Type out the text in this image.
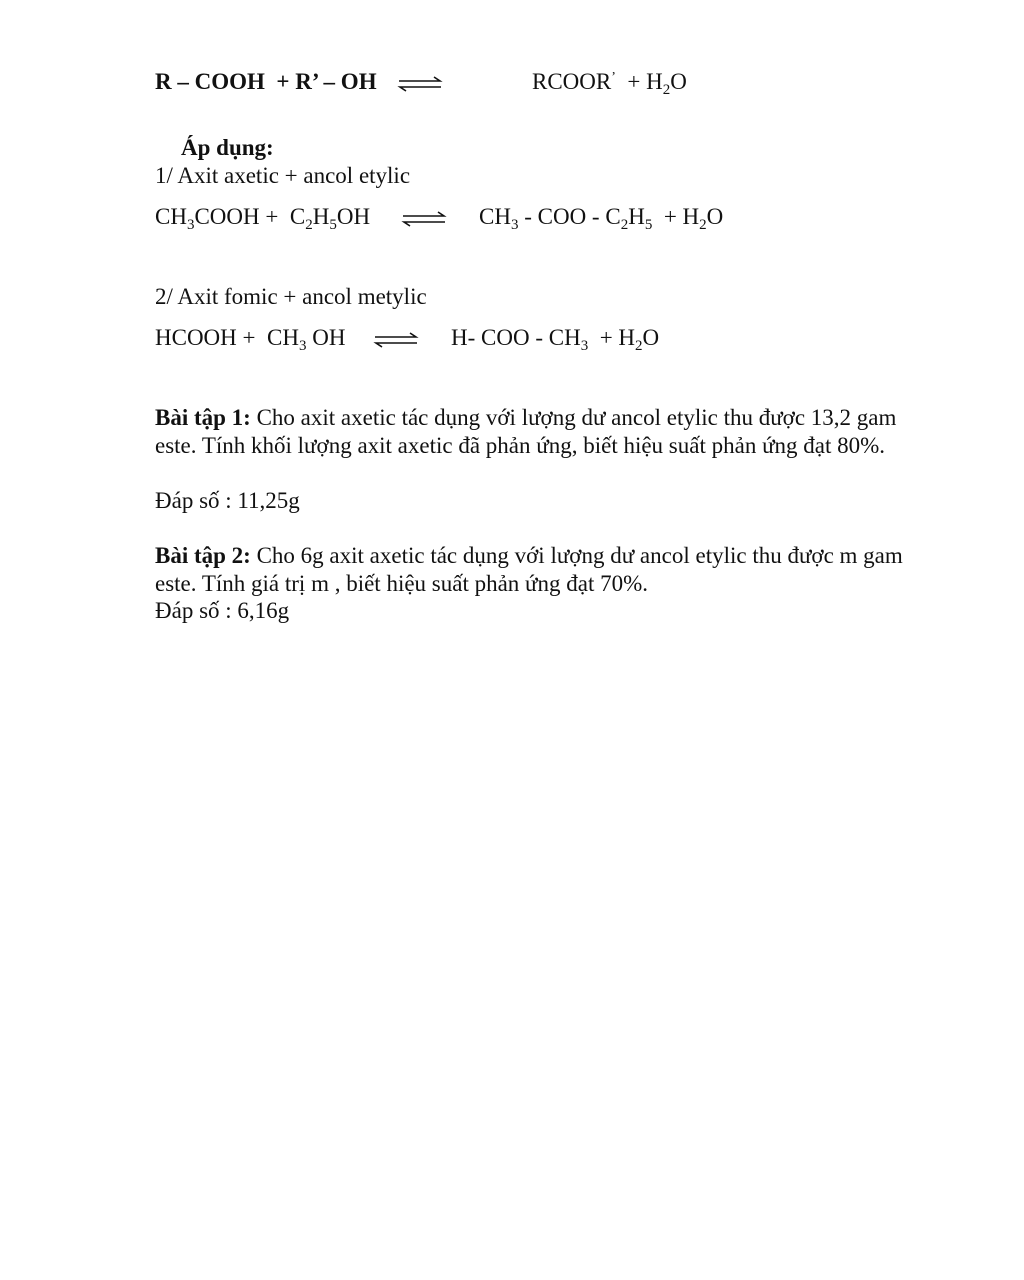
R – COOH + R’ – OH ⇌	RCOOR’ + $H_2O$
Áp dụng:
1/ Axit axetic + ancol etylic
$CH_3COOH + C_2H_5OH$	$CH_3$ - COO - $C_2H_5 + H_2O$
2/ Axit fomic + ancol metylic
HCOOH + $CH_3$ OH	H- COO - $CH_3 + H_2O$
Bài tập 1: Cho axit axetic tác dụng với lượng dư ancol etylic thu được 13,2 gam este. Tính khối lượng axit axetic đã phản ứng, biết hiệu suất phản ứng đạt 80%.
Đáp số : 11,25g
Bài tập 2: Cho 6g axit axetic tác dụng với lượng dư ancol etylic thu được m gam este. Tính giá trị m , biết hiệu suất phản ứng đạt 70%.
Đáp số : 6,16g
